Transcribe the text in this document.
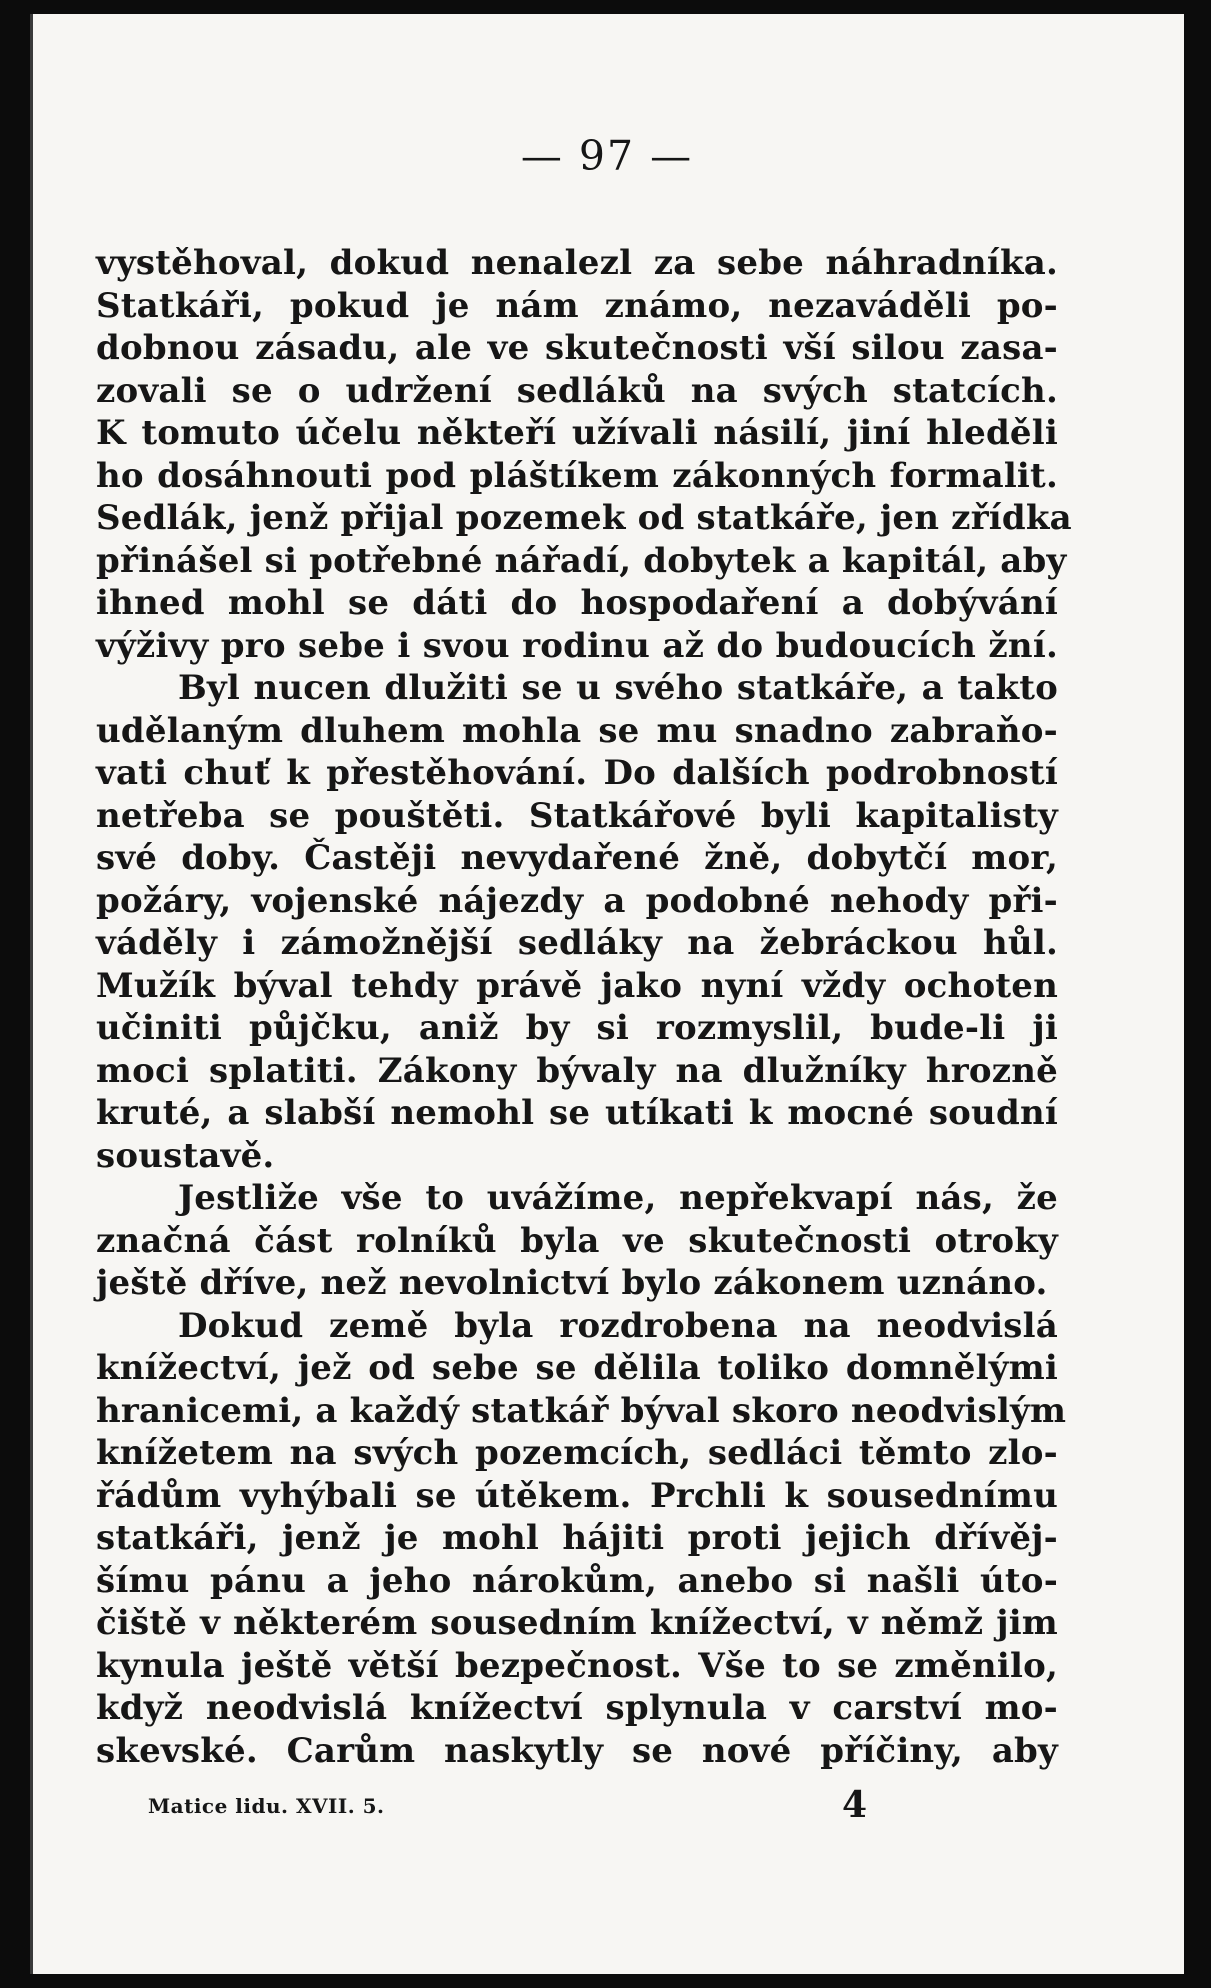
— 97 —
vystěhoval, dokud nenalezl za sebe náhradníka.
Statkáři, pokud je nám známo, nezaváděli po-
dobnou zásadu, ale ve skutečnosti vší silou zasa-
zovali se o udržení sedláků na svých statcích.
K tomuto účelu někteří užívali násilí, jiní hleděli
ho dosáhnouti pod pláštíkem zákonných formalit.
Sedlák, jenž přijal pozemek od statkáře, jen zřídka
přinášel si potřebné nářadí, dobytek a kapitál, aby
ihned mohl se dáti do hospodaření a dobývání
výživy pro sebe i svou rodinu až do budoucích žní.
Byl nucen dlužiti se u svého statkáře, a takto
udělaným dluhem mohla se mu snadno zabraňo-
vati chuť k přestěhování. Do dalších podrobností
netřeba se pouštěti. Statkářové byli kapitalisty
své doby. Častěji nevydařené žně, dobytčí mor,
požáry, vojenské nájezdy a podobné nehody při-
váděly i zámožnější sedláky na žebráckou hůl.
Mužík býval tehdy právě jako nyní vždy ochoten
učiniti půjčku, aniž by si rozmyslil, bude-li ji
moci splatiti. Zákony bývaly na dlužníky hrozně
kruté, a slabší nemohl se utíkati k mocné soudní
soustavě.
Jestliže vše to uvážíme, nepřekvapí nás, že
značná část rolníků byla ve skutečnosti otroky
ještě dříve, než nevolnictví bylo zákonem uznáno.
Dokud země byla rozdrobena na neodvislá
knížectví, jež od sebe se dělila toliko domnělými
hranicemi, a každý statkář býval skoro neodvislým
knížetem na svých pozemcích, sedláci těmto zlo-
řádům vyhýbali se útěkem. Prchli k sousednímu
statkáři, jenž je mohl hájiti proti jejich dřívěj-
šímu pánu a jeho nárokům, anebo si našli úto-
čiště v některém sousedním knížectví, v němž jim
kynula ještě větší bezpečnost. Vše to se změnilo,
když neodvislá knížectví splynula v carství mo-
skevské. Carům naskytly se nové příčiny, aby
Matice lidu. XVII. 5.	4
